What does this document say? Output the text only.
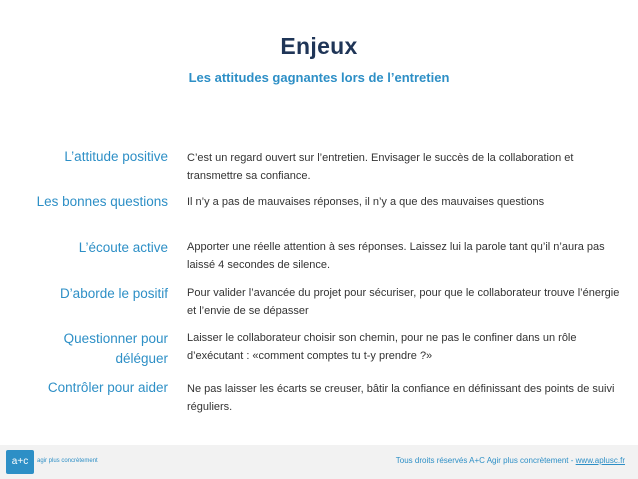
Enjeux
Les attitudes gagnantes lors de l’entretien
L’attitude positive C’est un regard ouvert sur l’entretien. Envisager le succès de la collaboration et transmettre sa confiance.
Les bonnes questions Il n’y a pas de mauvaises réponses, il n’y a que des mauvaises questions
L’écoute active Apporter une réelle attention à ses réponses. Laissez lui la parole tant qu’il n’aura pas laissé 4 secondes de silence.
D’aborde le positif Pour valider l’avancée du projet pour sécuriser, pour que le collaborateur trouve l’énergie et l’envie de se dépasser
Questionner pour
déléguer
Laisser le collaborateur choisir son chemin, pour ne pas le confiner dans un rôle d’exécutant : «comment comptes tu t-y prendre ?»
Contrôler pour aider Ne pas laisser les écarts se creuser, bâtir la confiance en définissant des points de suivi réguliers.
a+c	agir plus concrètement	Tous droits réservés A+C Agir plus concrètement - www.aplusc.fr
